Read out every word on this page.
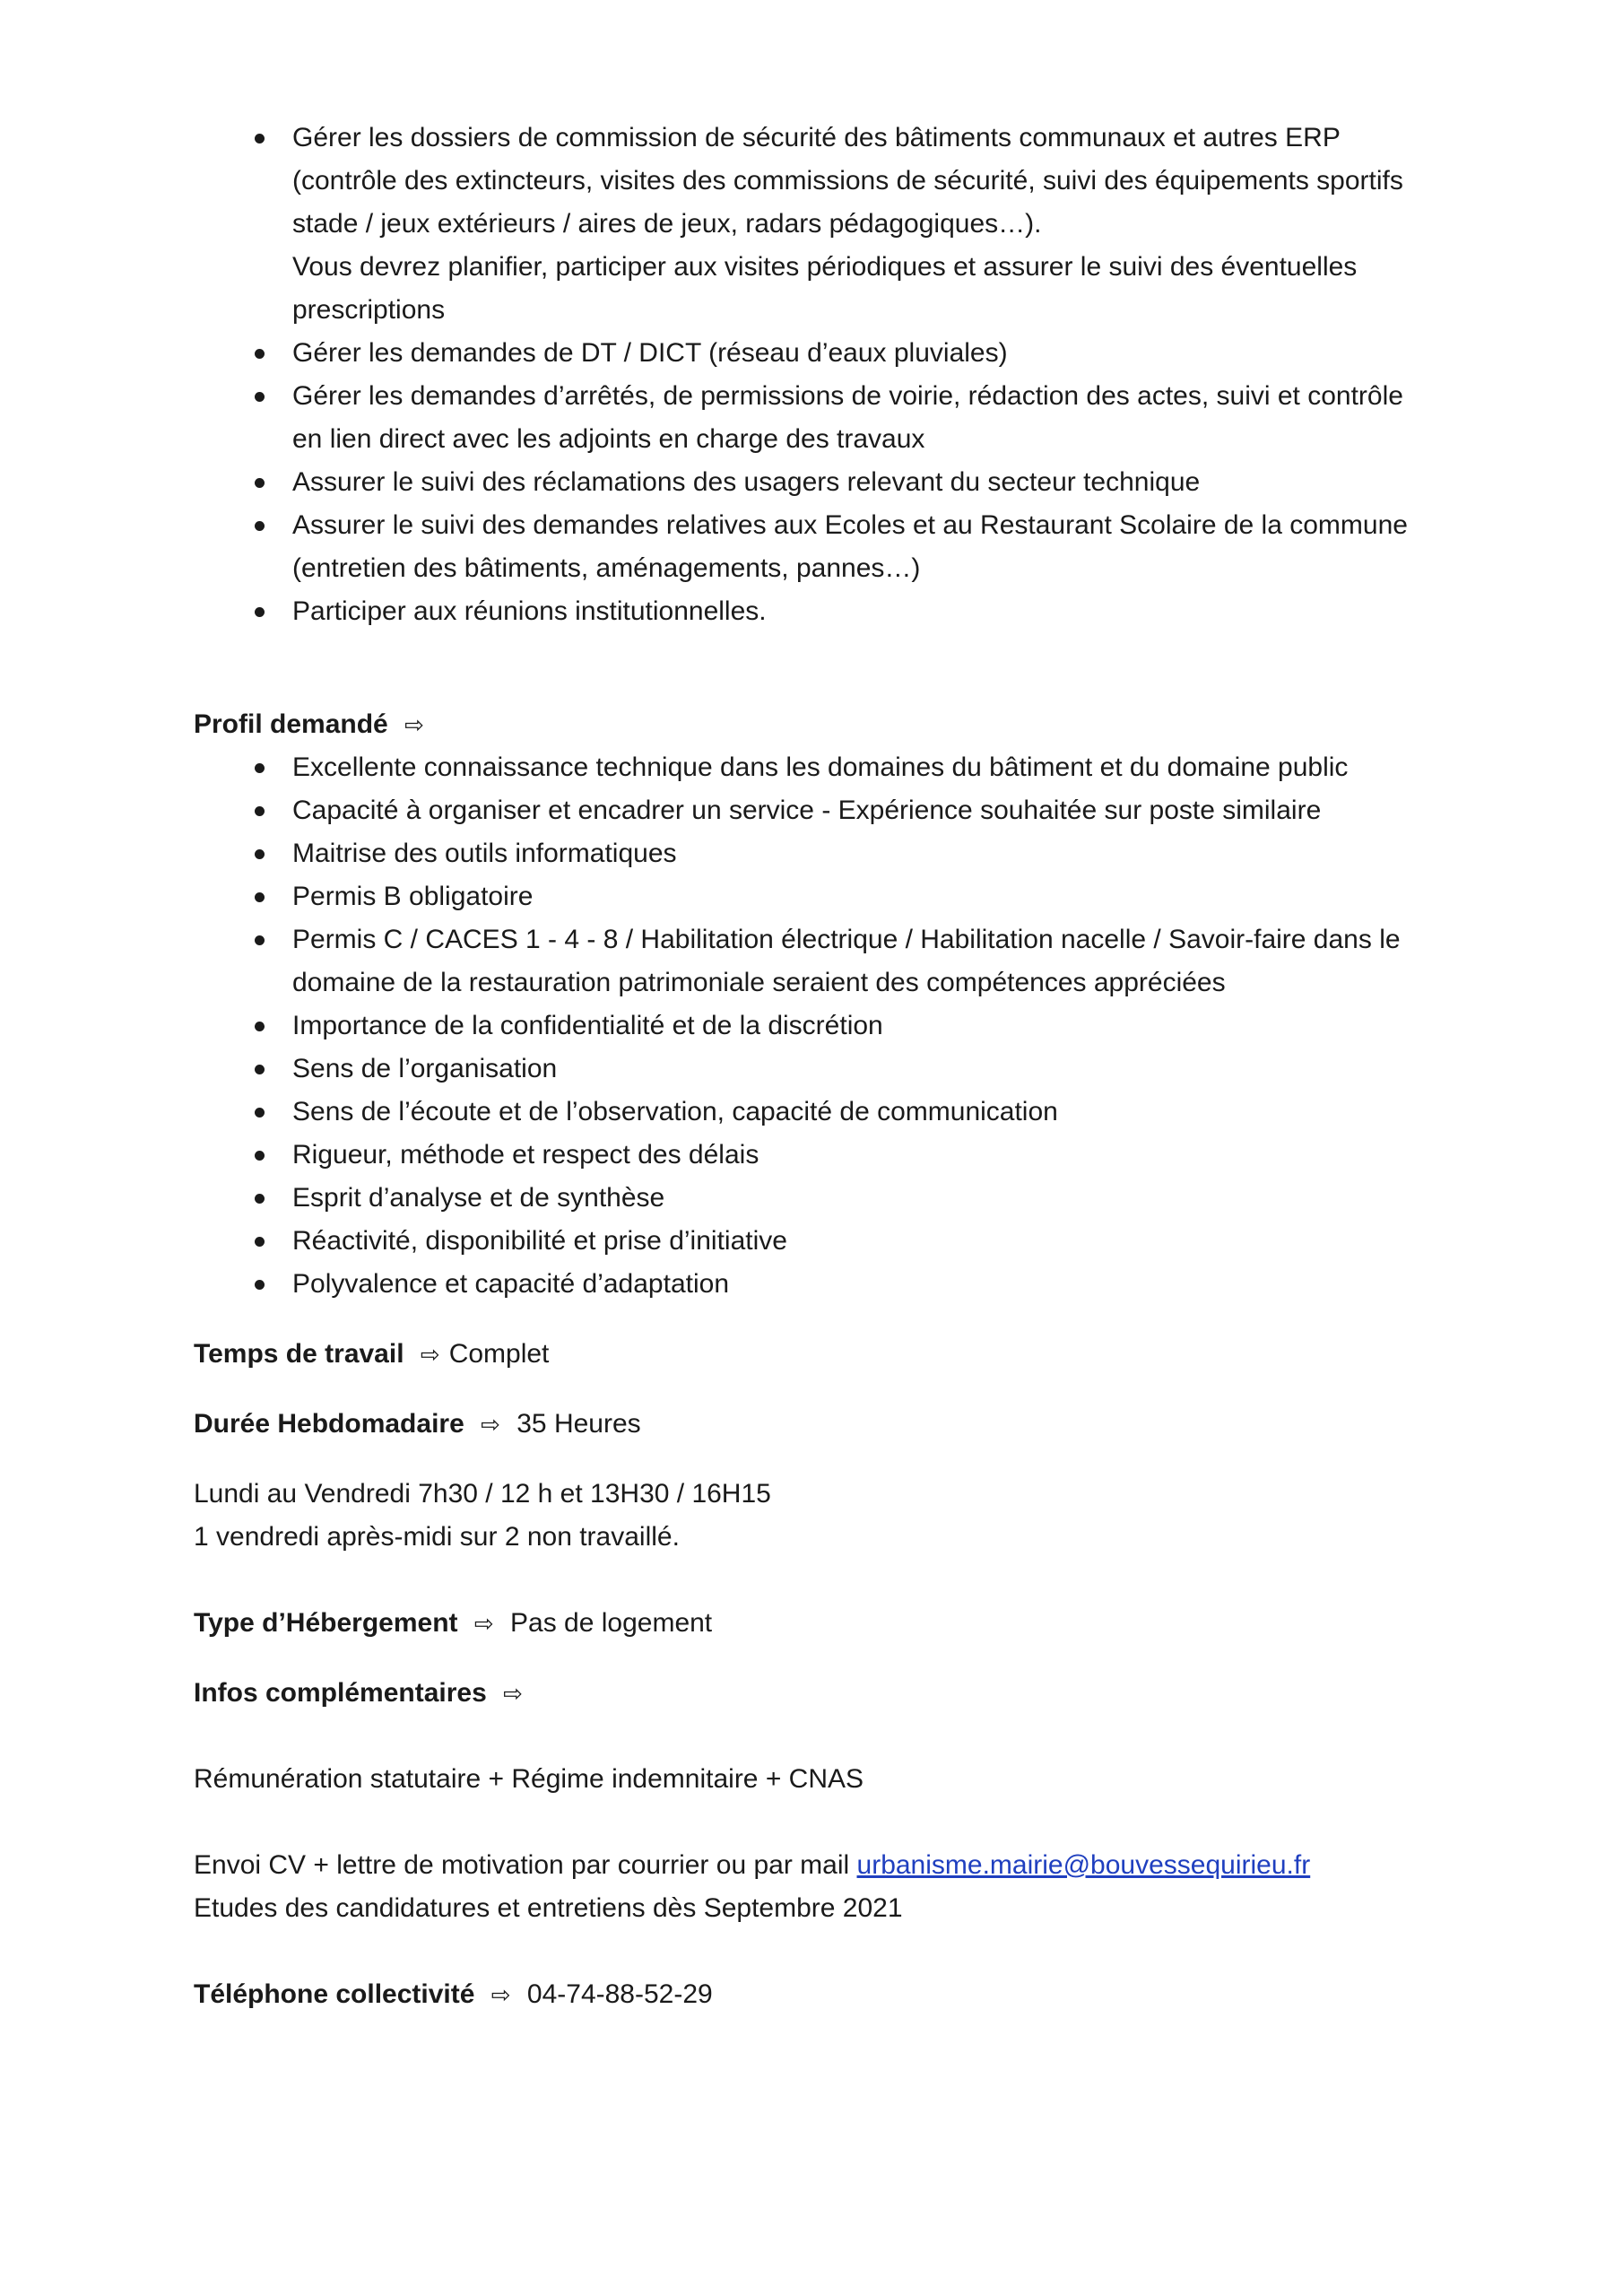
Gérer les dossiers de commission de sécurité des bâtiments communaux et autres ERP
(contrôle des extincteurs, visites des commissions de sécurité, suivi des équipements sportifs
stade / jeux extérieurs / aires de jeux, radars pédagogiques…).
Vous devrez planifier, participer aux visites périodiques et assurer le suivi des éventuelles
prescriptions
Gérer les demandes de DT / DICT (réseau d’eaux pluviales)
Gérer les demandes d’arrêtés, de permissions de voirie, rédaction des actes, suivi et contrôle
en lien direct avec les adjoints en charge des travaux
Assurer le suivi des réclamations des usagers relevant du secteur technique
Assurer le suivi des demandes relatives aux Ecoles et au Restaurant Scolaire de la commune
(entretien des bâtiments, aménagements, pannes…)
Participer aux réunions institutionnelles.
Profil demandé ⇨
Excellente connaissance technique dans les domaines du bâtiment et du domaine public
Capacité à organiser et encadrer un service - Expérience souhaitée sur poste similaire
Maitrise des outils informatiques
Permis B obligatoire
Permis C / CACES 1 - 4 - 8 / Habilitation électrique / Habilitation nacelle / Savoir-faire dans le
domaine de la restauration patrimoniale seraient des compétences appréciées
Importance de la confidentialité et de la discrétion
Sens de l’organisation
Sens de l’écoute et de l’observation, capacité de communication
Rigueur, méthode et respect des délais
Esprit d’analyse et de synthèse
Réactivité, disponibilité et prise d’initiative
Polyvalence et capacité d’adaptation
Temps de travail ⇨ Complet
Durée Hebdomadaire ⇨ 35 Heures
Lundi au Vendredi 7h30 / 12 h et 13H30 / 16H15
1 vendredi après-midi sur 2 non travaillé.
Type d’Hébergement ⇨ Pas de logement
Infos complémentaires ⇨
Rémunération statutaire + Régime indemnitaire + CNAS
Envoi CV + lettre de motivation par courrier ou par mail urbanisme.mairie@bouvessequirieu.fr
Etudes des candidatures et entretiens dès Septembre 2021
Téléphone collectivité ⇨ 04-74-88-52-29
